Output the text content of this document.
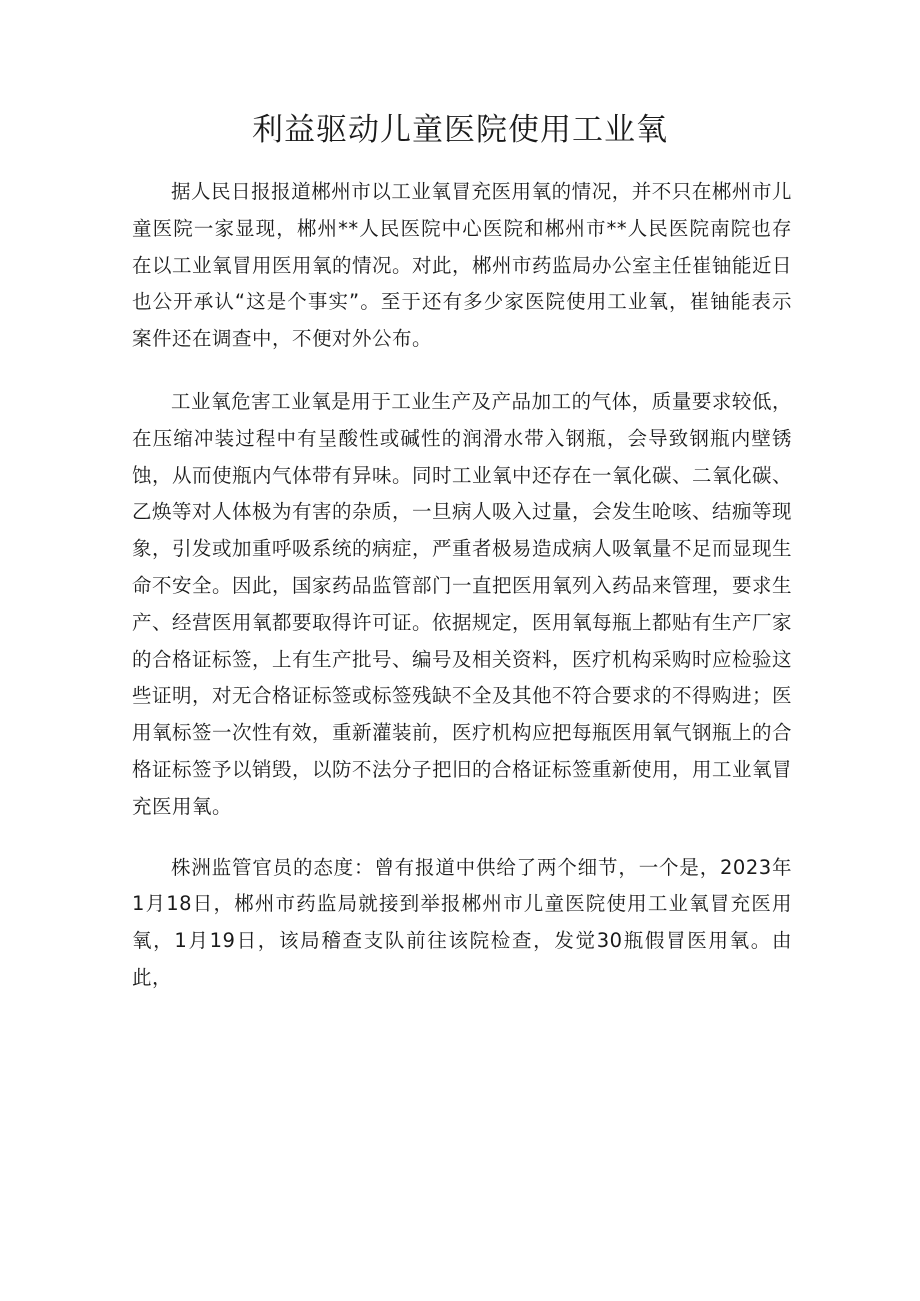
利益驱动儿童医院使用工业氧

据人民日报报道郴州市以工业氧冒充医用氧的情况，并不只在郴州市儿童医院一家显现，郴州**人民医院中心医院和郴州市**人民医院南院也存在以工业氧冒用医用氧的情况。对此，郴州市药监局办公室主任崔铀能近日也公开承认“这是个事实”。至于还有多少家医院使用工业氧，崔铀能表示案件还在调查中，不便对外公布。

工业氧危害工业氧是用于工业生产及产品加工的气体，质量要求较低，在压缩冲装过程中有呈酸性或碱性的润滑水带入钢瓶，会导致钢瓶内壁锈蚀，从而使瓶内气体带有异味。同时工业氧中还存在一氧化碳、二氧化碳、乙焕等对人体极为有害的杂质，一旦病人吸入过量，会发生呛咳、结痂等现象，引发或加重呼吸系统的病症，严重者极易造成病人吸氧量不足而显现生命不安全。因此，国家药品监管部门一直把医用氧列入药品来管理，要求生产、经营医用氧都要取得许可证。依据规定，医用氧每瓶上都贴有生产厂家的合格证标签，上有生产批号、编号及相关资料，医疗机构采购时应检验这些证明，对无合格证标签或标签残缺不全及其他不符合要求的不得购进；医用氧标签一次性有效，重新灌装前，医疗机构应把每瓶医用氧气钢瓶上的合格证标签予以销毁，以防不法分子把旧的合格证标签重新使用，用工业氧冒充医用氧。

株洲监管官员的态度：曾有报道中供给了两个细节，一个是，2023年1月18日，郴州市药监局就接到举报郴州市儿童医院使用工业氧冒充医用氧，1月19日，该局稽查支队前往该院检查，发觉30瓶假冒医用氧。由此，
